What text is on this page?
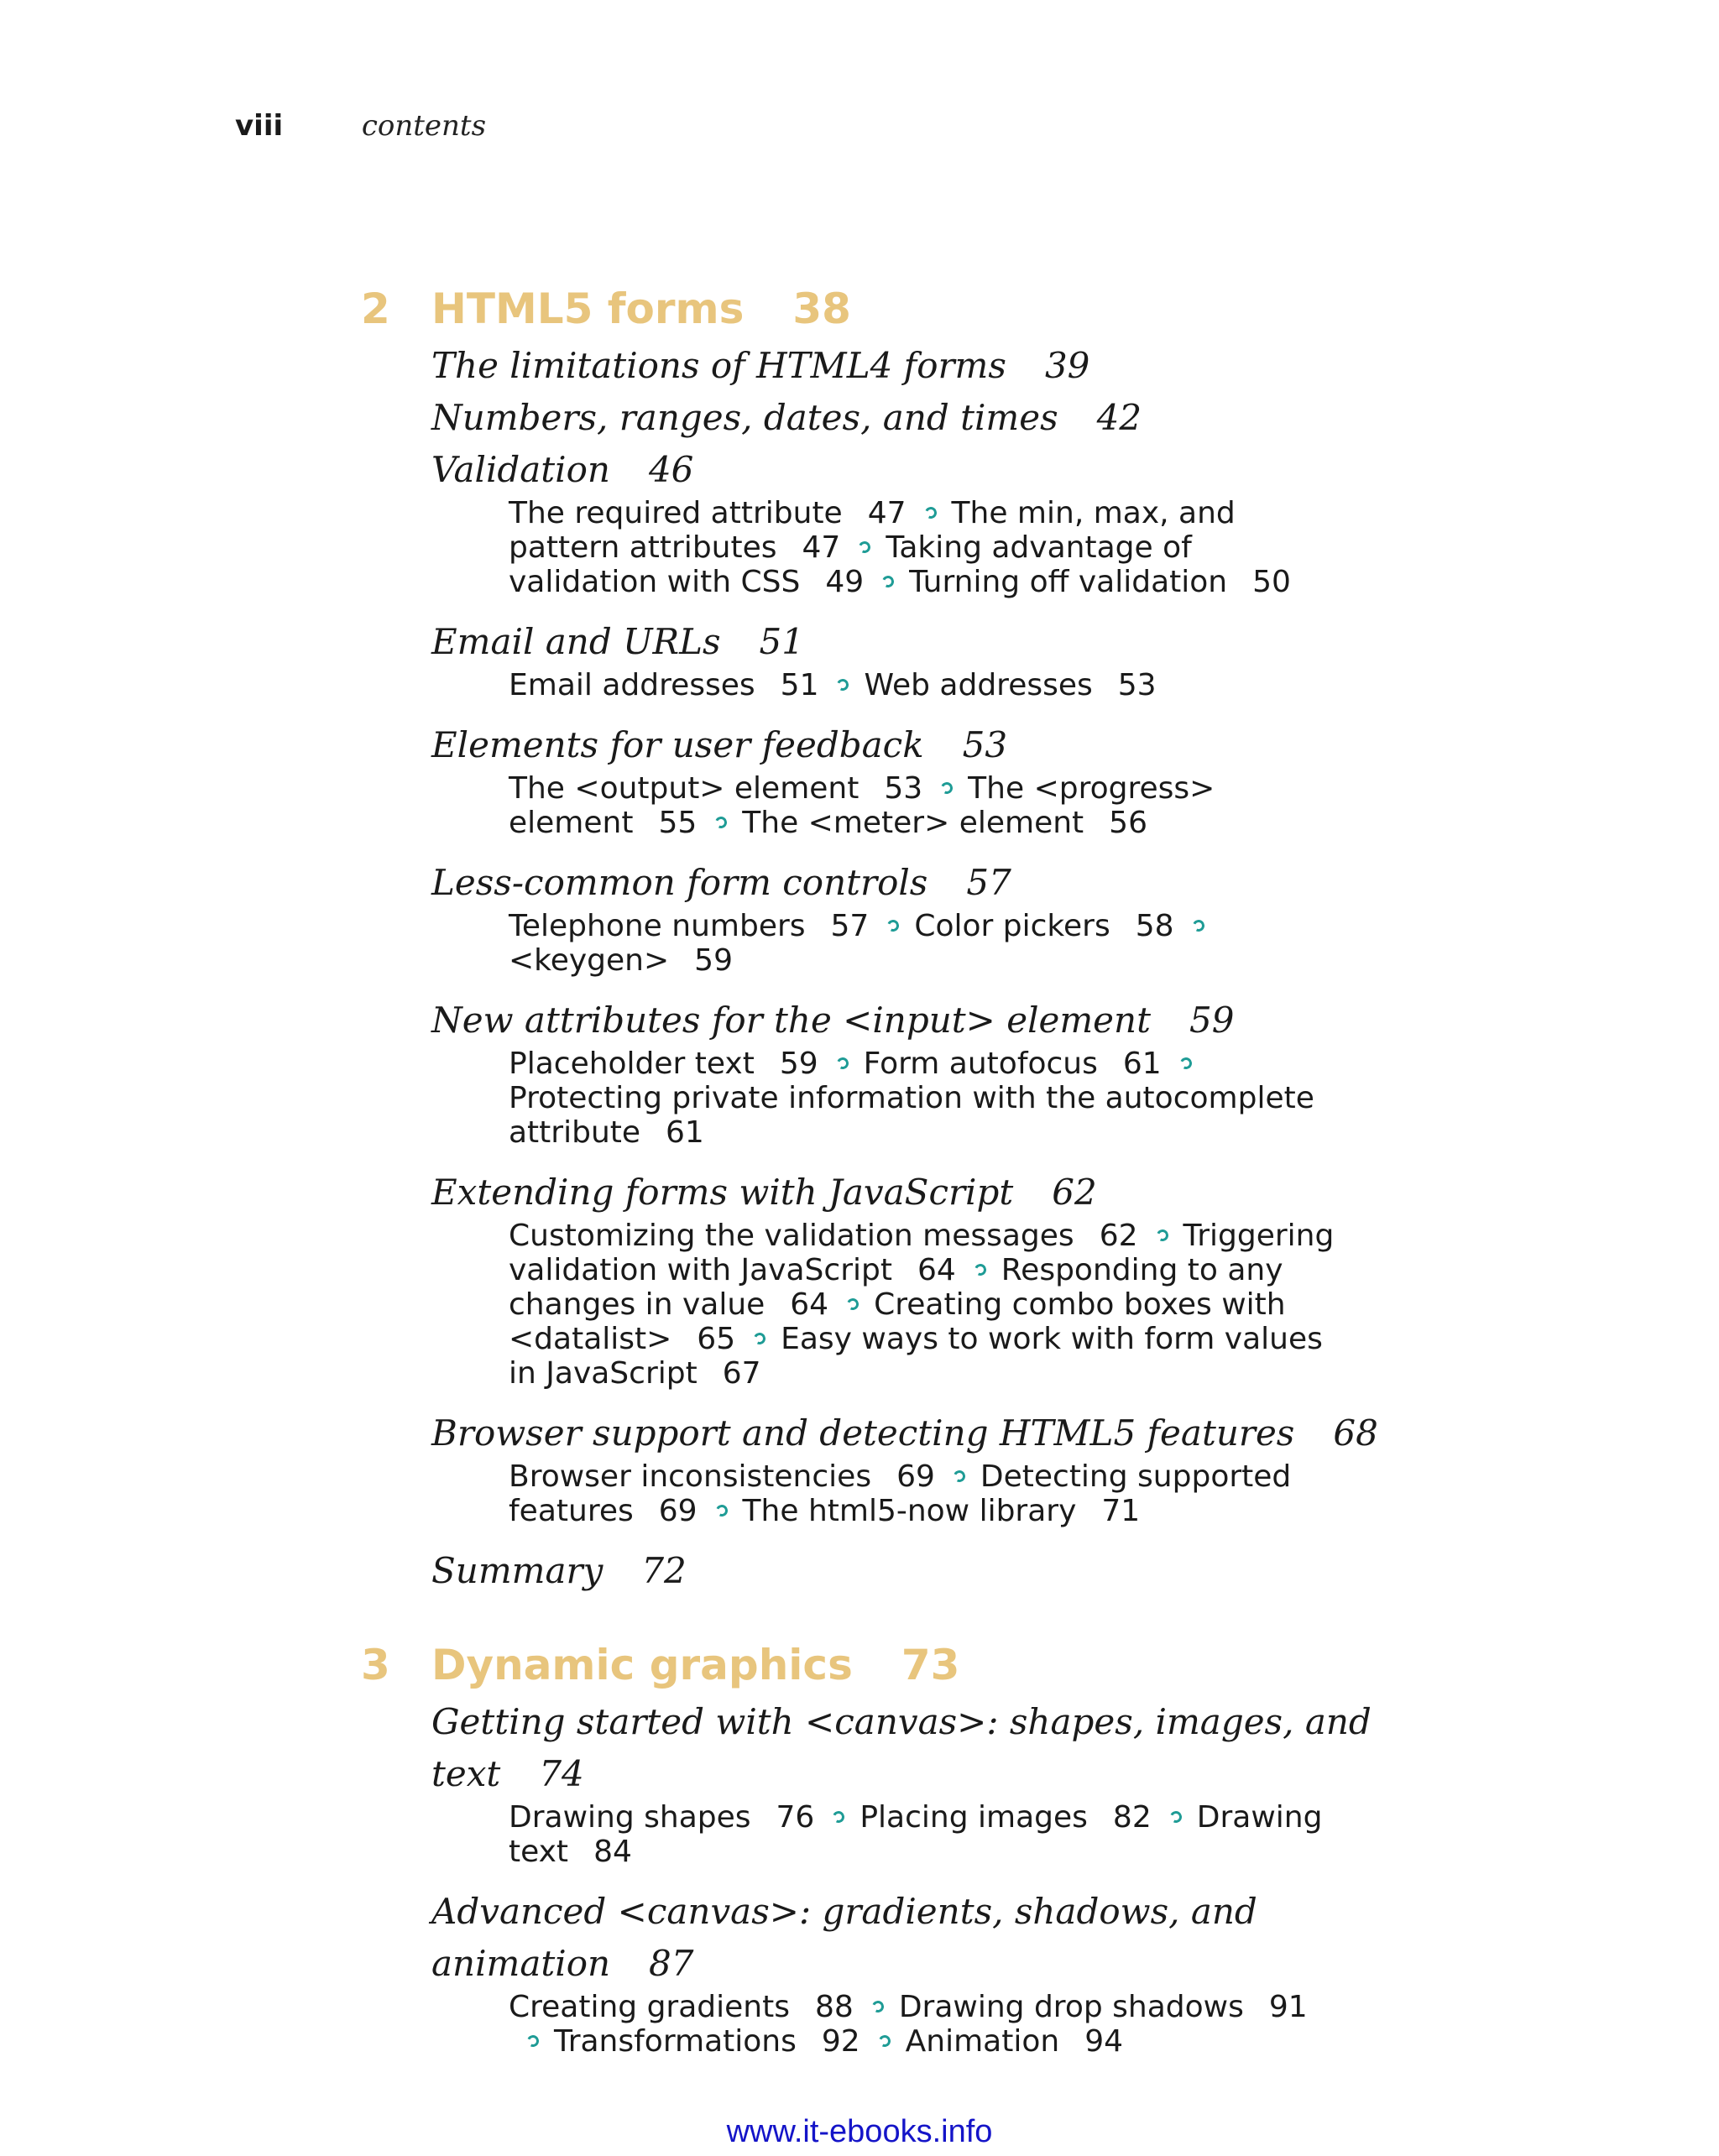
viii	contents
2 HTML5 forms 38
The limitations of HTML4 forms 39
Numbers, ranges, dates, and times 42
Validation 46
The required attribute 47 The min, max, and pattern attributes 47 Taking advantage of validation with CSS 49 Turning off validation 50
Email and URLs 51
Email addresses 51 Web addresses 53
Elements for user feedback 53
The <output> element 53 The <progress> element 55 The <meter> element 56
Less-common form controls 57
Telephone numbers 57 Color pickers 58<keygen> 59
New attributes for the <input> element 59
Placeholder text 59 Form autofocus 61Protecting private information with the autocomplete attribute 61
Extending forms with JavaScript 62
Customizing the validation messages 62 Triggering validation with JavaScript 64 Responding to any changes in value 64 Creating combo boxes with <datalist> 65 Easy ways to work with form values in JavaScript 67
Browser support and detecting HTML5 features 68
Browser inconsistencies 69 Detecting supported features 69 The html5-now library 71
Summary 72
3 Dynamic graphics 73
Getting started with <canvas>: shapes, images, and text 74
Drawing shapes 76 Placing images 82 Drawing text 84
Advanced <canvas>: gradients, shadows, and animation 87
Creating gradients 88 Drawing drop shadows 91Transformations 92 Animation 94
www.it-ebooks.info
